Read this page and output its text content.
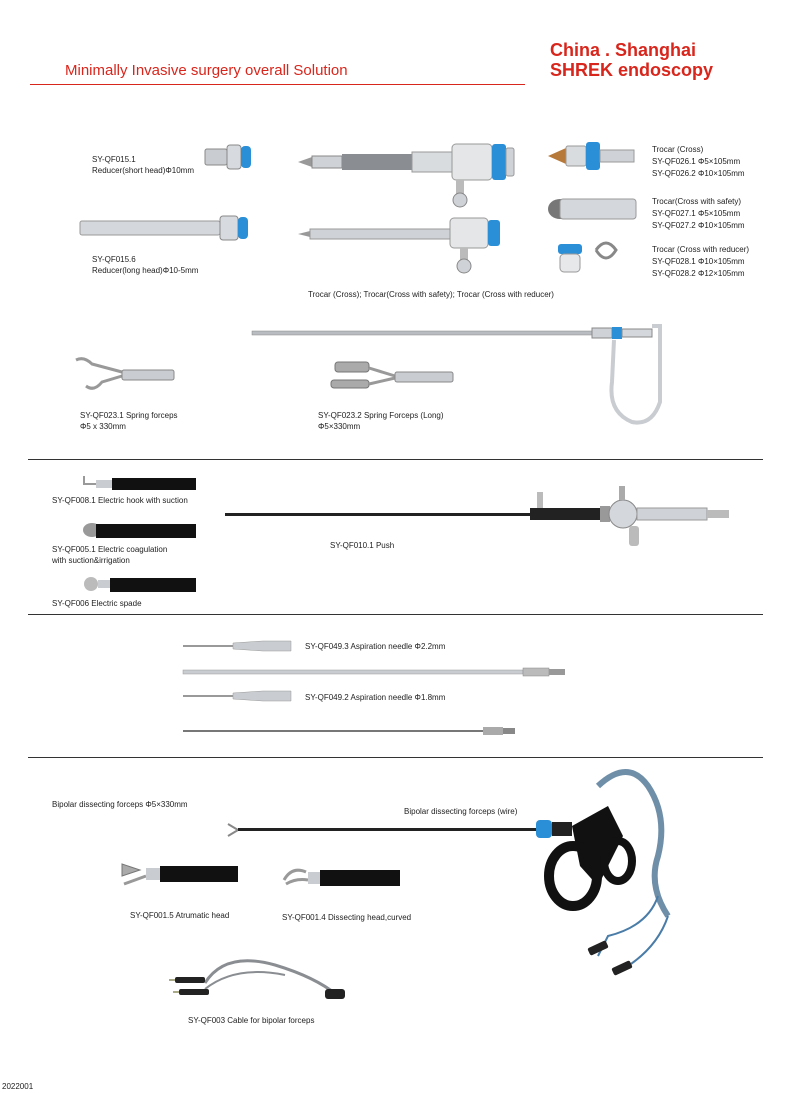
Minimally Invasive surgery overall Solution
China . Shanghai
SHREK endoscopy
SY-QF015.1
Reducer(short head)Φ10mm
SY-QF015.6
Reducer(long head)Φ10-5mm
Trocar (Cross)
SY-QF026.1 Φ5×105mm
SY-QF026.2 Φ10×105mm
Trocar(Cross with safety)
SY-QF027.1 Φ5×105mm
SY-QF027.2 Φ10×105mm
Trocar (Cross with reducer)
SY-QF028.1 Φ10×105mm
SY-QF028.2 Φ12×105mm
Trocar (Cross); Trocar(Cross with safety); Trocar (Cross with reducer)
SY-QF023.1 Spring forceps
Φ5 x 330mm
SY-QF023.2 Spring Forceps (Long)
Φ5×330mm
SY-QF008.1 Electric hook with suction
SY-QF005.1 Electric coagulation
with suction&irrigation
SY-QF006 Electric spade
SY-QF010.1 Push
SY-QF049.3 Aspiration needle Φ2.2mm
SY-QF049.2 Aspiration needle Φ1.8mm
Bipolar dissecting forceps Φ5×330mm
Bipolar dissecting forceps (wire)
SY-QF001.5 Atrumatic head	SY-QF001.4 Dissecting head,curved
SY-QF003 Cable for bipolar forceps
2022001
